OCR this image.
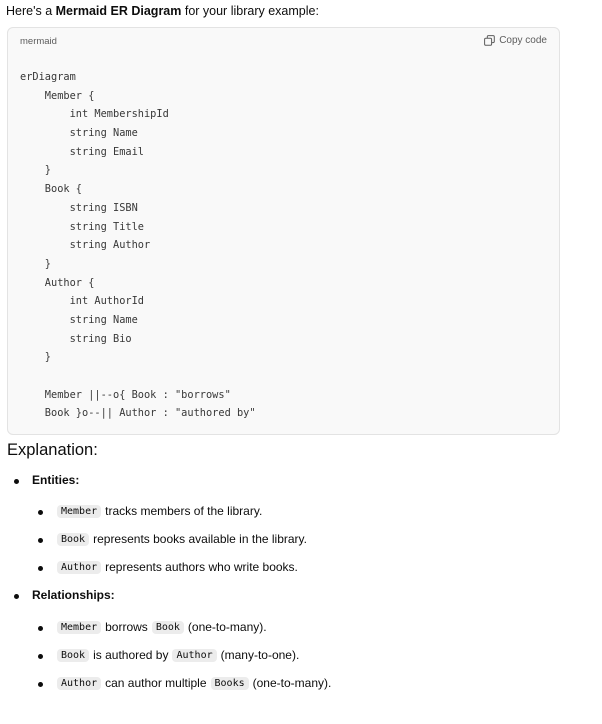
Here's a Mermaid ER Diagram for your library example:
mermaid	Copy code
erDiagram
Member {
int MembershipId
string Name
string Email
}
Book {
string ISBN
string Title
string Author
}
Author {
int AuthorId
string Name
string Bio
}
Member ||--o{ Book : "borrows"
Book }o--|| Author : "authored by"
Explanation:
Entities:
Member tracks members of the library.
Book represents books available in the library.
Author represents authors who write books.
Relationships:
Member borrows Book (one-to-many).
Book is authored by Author (many-to-one).
Author can author multiple Books (one-to-many).
